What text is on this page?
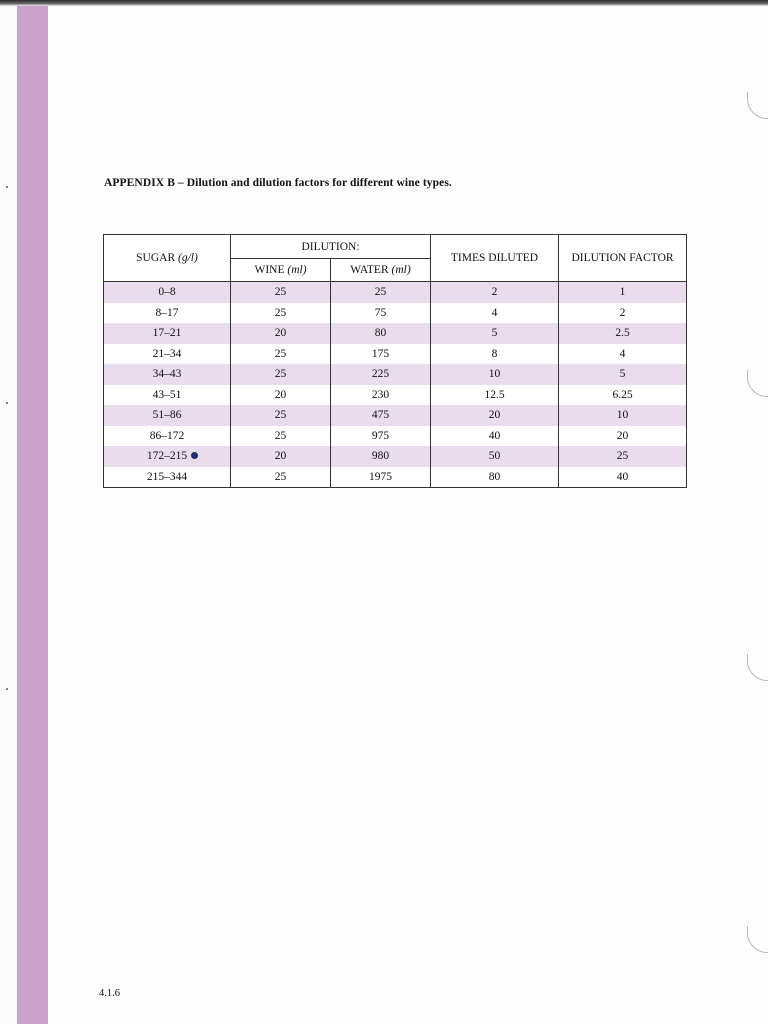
APPENDIX B – Dilution and dilution factors for different wine types.
SUGAR (g/l)	DILUTION:		TIMES DILUTED	DILUTION FACTOR
	WINE (ml)	WATER (ml)		
0–8	25	25	2	1
8–17	25	75	4	2
17–21	20	80	5	2.5
21–34	25	175	8	4
34–43	25	225	10	5
43–51	20	230	12.5	6.25
51–86	25	475	20	10
86–172	25	975	40	20
172–215	20	980	50	25
215–344	25	1975	80	40
4.1.6
